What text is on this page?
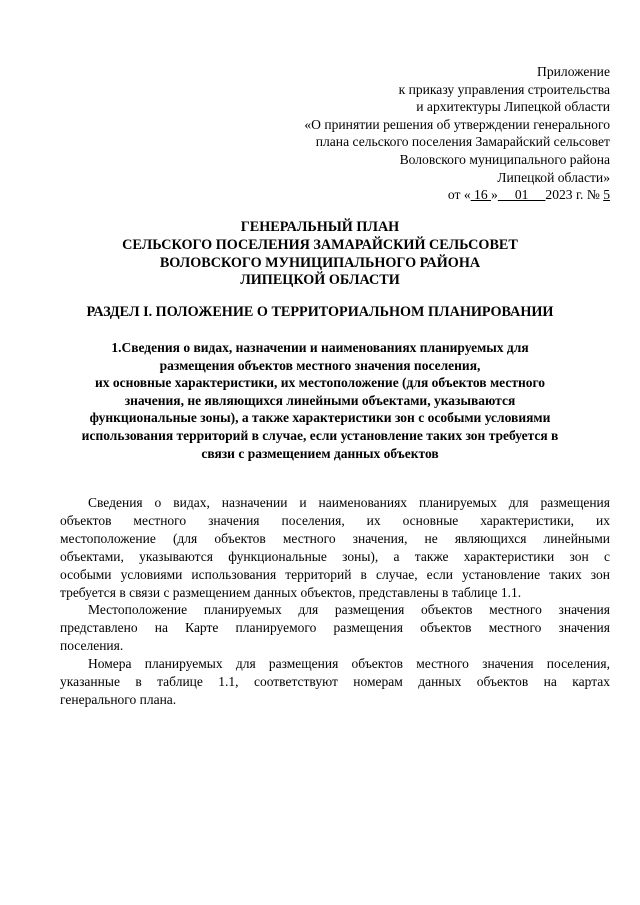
Приложение
к приказу управления строительства
и архитектуры Липецкой области
«О принятии решения об утверждении генерального
плана сельского поселения Замарайский сельсовет
Воловского муниципального района
Липецкой области»
от « 16 »     01     2023 г. № 5
ГЕНЕРАЛЬНЫЙ ПЛАН
СЕЛЬСКОГО ПОСЕЛЕНИЯ ЗАМАРАЙСКИЙ СЕЛЬСОВЕТ
ВОЛОВСКОГО МУНИЦИПАЛЬНОГО РАЙОНА
ЛИПЕЦКОЙ ОБЛАСТИ
РАЗДЕЛ I. ПОЛОЖЕНИЕ О ТЕРРИТОРИАЛЬНОМ ПЛАНИРОВАНИИ
1.Сведения о видах, назначении и наименованиях планируемых для
размещения объектов местного значения поселения,
их основные характеристики, их местоположение (для объектов местного
значения, не являющихся линейными объектами, указываются
функциональные зоны), а также характеристики зон с особыми условиями
использования территорий в случае, если установление таких зон требуется в
связи с размещением данных объектов
Сведения о видах, назначении и наименованиях планируемых для размещения
объектов местного значения поселения, их основные характеристики, их
местоположение (для объектов местного значения, не являющихся линейными
объектами, указываются функциональные зоны), а также характеристики зон с
особыми условиями использования территорий в случае, если установление таких зон
требуется в связи с размещением данных объектов, представлены в таблице 1.1.
Местоположение планируемых для размещения объектов местного значения
представлено на Карте планируемого размещения объектов местного значения
поселения.
Номера планируемых для размещения объектов местного значения поселения,
указанные в таблице 1.1, соответствуют номерам данных объектов на картах
генерального плана.
